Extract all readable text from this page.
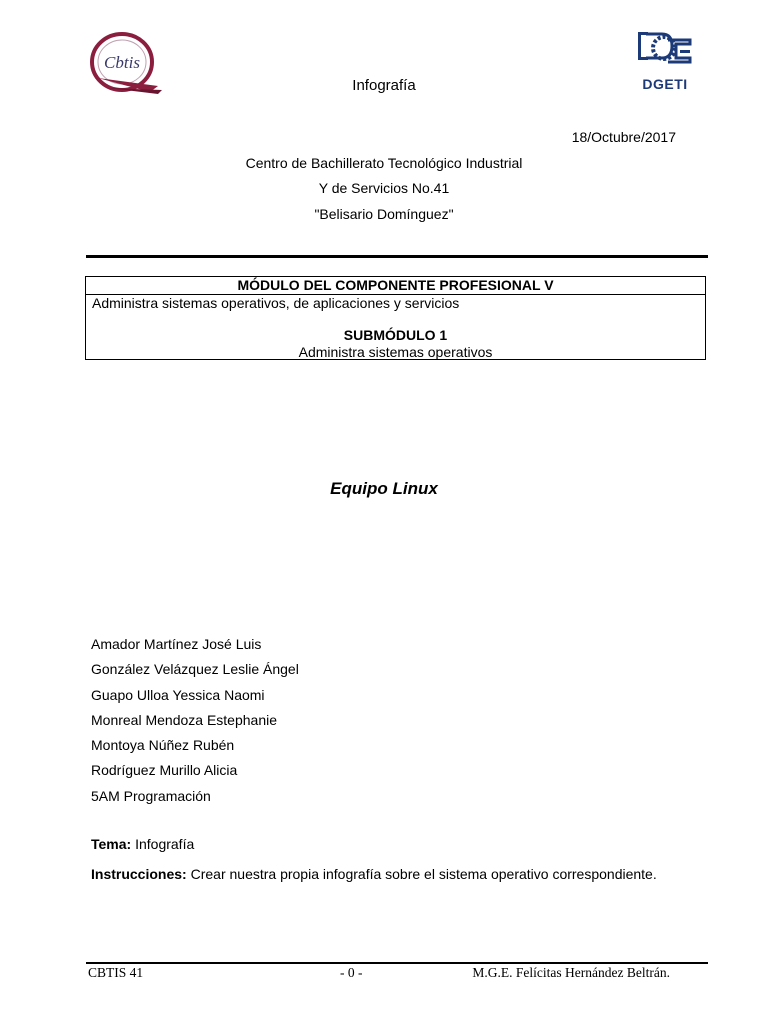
Cbtis
DGETI
Infografía
18/Octubre/2017
Centro de Bachillerato Tecnológico Industrial
Y de Servicios No.41
"Belisario Domínguez"
MÓDULO DEL COMPONENTE PROFESIONAL V
Administra sistemas operativos, de aplicaciones y servicios
SUBMÓDULO 1
Administra sistemas operativos
Equipo Linux
Amador Martínez José Luis
González Velázquez Leslie Ángel
Guapo Ulloa Yessica Naomi
Monreal Mendoza Estephanie
Montoya Núñez Rubén
Rodríguez Murillo Alicia
5AM Programación
Tema: Infografía
Instrucciones: Crear nuestra propia infografía sobre el sistema operativo correspondiente.
CBTIS 41	- 0 -	M.G.E. Felícitas Hernández Beltrán.
